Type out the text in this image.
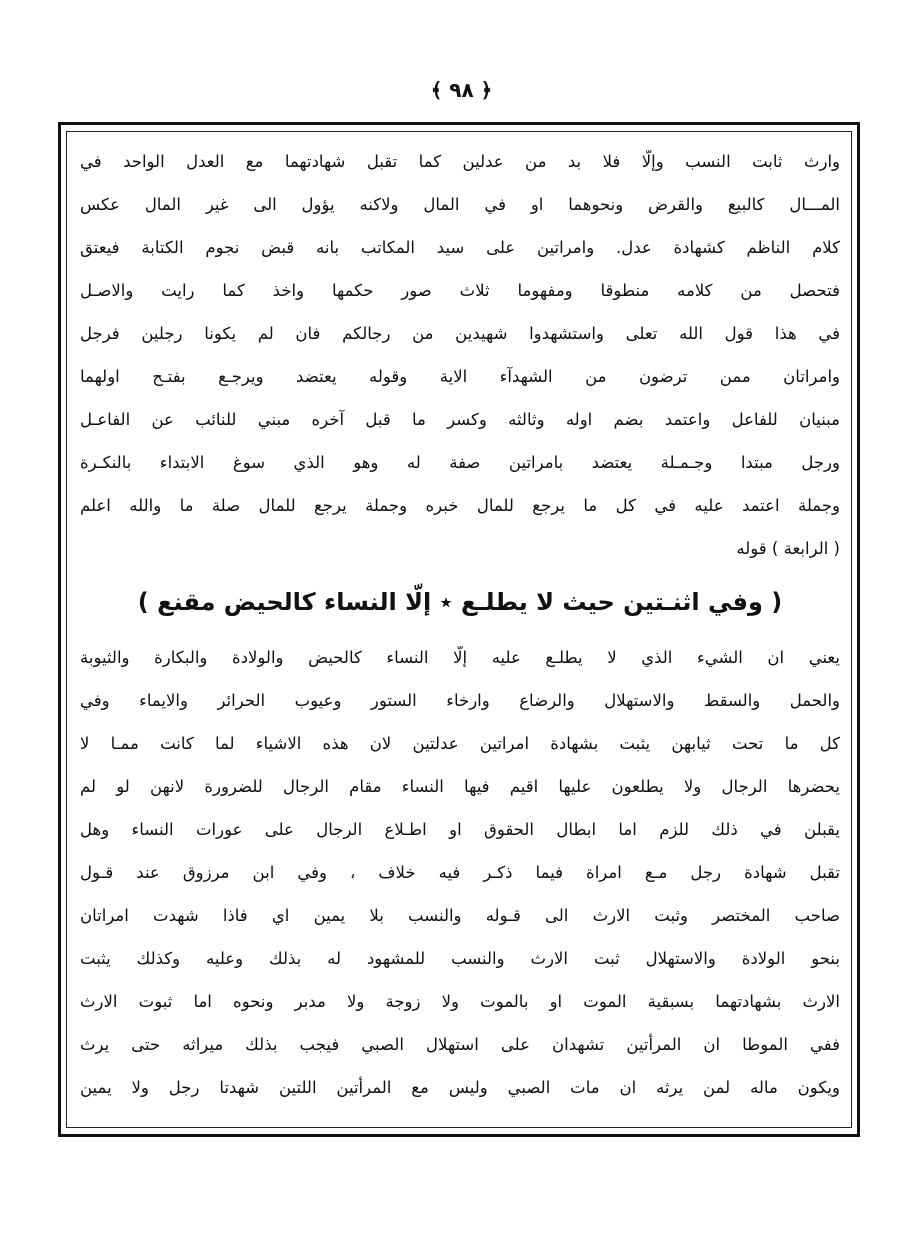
﴿ ٩٨ ﴾
وارث ثابت النسب وإلّا فلا بد من عدلين كما تقبل شهادتهما مع العدل الواحد في
المـــال كالبيع والقرض ونحوهما او في المال ولاكنه يؤول الى غير المال عكس
كلام الناظم كشهادة عدل. وامراتين على سيد المكاتب بانه قبض نجوم الكتابة فيعتق
فتحصل من كلامه منطوقا ومفهوما ثلاث صور حكمها واخذ كما رايت والاصـل
في هذا قول الله تعلى واستشهدوا شهيدين من رجالكم فان لم يكونا رجلين فرجل
وامراتان ممن ترضون من الشهدآء الاية وقوله يعتضد ويرجـع بفتـح اولهما
مبنيان للفاعل واعتمد بضم اوله وثالثه وكسر ما قبل آخره مبني للنائب عن الفاعـل
ورجل مبتدا وجـمـلة يعتضد بامراتين صفة له وهو الذي سوغ الابتداء بالنكـرة
وجملة اعتمد عليه في كل ما يرجع للمال خبره وجملة يرجع للمال صلة ما والله اعلم
( الرابعة ) قوله
( وفي اثنـتين حيث لا يطلـع ٭ إلّا النساء كالحيض مقنع )
يعني ان الشيء الذي لا يطلـع عليه إلّا النساء كالحيض والولادة والبكارة والثيوبة
والحمل والسقط والاستهلال والرضاع وارخاء الستور وعيوب الحرائر والايماء وفي
كل ما تحت ثيابهن يثبت بشهادة امراتين عدلتين لان هذه الاشياء لما كانت ممـا لا
يحضرها الرجال ولا يطلعون عليها اقيم فيها النساء مقام الرجال للضرورة لانهن لو لم
يقبلن في ذلك للزم اما ابطال الحقوق او اطـلاع الرجال على عورات النساء وهل
تقبل شهادة رجل مـع امراة فيما ذكـر فيه خلاف ، وفي ابن مرزوق عند قـول
صاحب المختصر وثبت الارث الى قـوله والنسب بلا يمين اي فاذا شهدت امراتان
بنحو الولادة والاستهلال ثبت الارث والنسب للمشهود له بذلك وعليه وكذلك يثبت
الارث بشهادتهما بسبقية الموت او بالموت ولا زوجة ولا مدبر ونحوه اما ثبوت الارث
ففي الموطا ان المرأتين تشهدان على استهلال الصبي فيجب بذلك ميراثه حتى يرث
ويكون ماله لمن يرثه ان مات الصبي وليس مع المرأتين اللتين شهدتا رجل ولا يمين
